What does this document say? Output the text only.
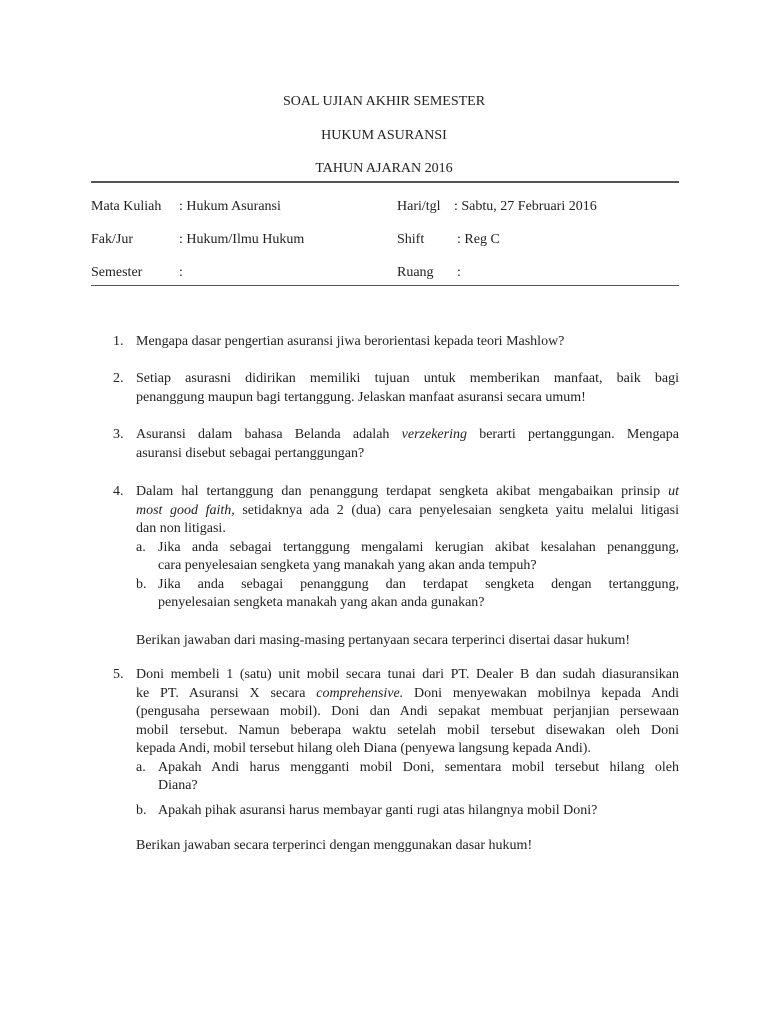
SOAL UJIAN AKHIR SEMESTER
HUKUM ASURANSI
TAHUN AJARAN 2016
Mata Kuliah : Hukum Asuransi	Hari/tgl : Sabtu, 27 Februari 2016
Fak/Jur	: Hukum/Ilmu Hukum	Shift : Reg C
Semester	:	Ruang :
1. Mengapa dasar pengertian asuransi jiwa berorientasi kepada teori Mashlow?
2. Setiap asurasni didirikan memiliki tujuan untuk memberikan manfaat, baik bagi
penanggung maupun bagi tertanggung. Jelaskan manfaat asuransi secara umum!
3. Asuransi dalam bahasa Belanda adalah verzekering berarti pertanggungan. Mengapa
asuransi disebut sebagai pertanggungan?
4. Dalam hal tertanggung dan penanggung terdapat sengketa akibat mengabaikan prinsip ut
most good faith, setidaknya ada 2 (dua) cara penyelesaian sengketa yaitu melalui litigasi
dan non litigasi.
a. Jika anda sebagai tertanggung mengalami kerugian akibat kesalahan penanggung,
cara penyelesaian sengketa yang manakah yang akan anda tempuh?
b. Jika anda sebagai penanggung dan terdapat sengketa dengan tertanggung,
penyelesaian sengketa manakah yang akan anda gunakan?
Berikan jawaban dari masing-masing pertanyaan secara terperinci disertai dasar hukum!
5. Doni membeli 1 (satu) unit mobil secara tunai dari PT. Dealer B dan sudah diasuransikan
ke PT. Asuransi X secara comprehensive. Doni menyewakan mobilnya kepada Andi
(pengusaha persewaan mobil). Doni dan Andi sepakat membuat perjanjian persewaan
mobil tersebut. Namun beberapa waktu setelah mobil tersebut disewakan oleh Doni
kepada Andi, mobil tersebut hilang oleh Diana (penyewa langsung kepada Andi).
a. Apakah Andi harus mengganti mobil Doni, sementara mobil tersebut hilang oleh
Diana?
b. Apakah pihak asuransi harus membayar ganti rugi atas hilangnya mobil Doni?
Berikan jawaban secara terperinci dengan menggunakan dasar hukum!
